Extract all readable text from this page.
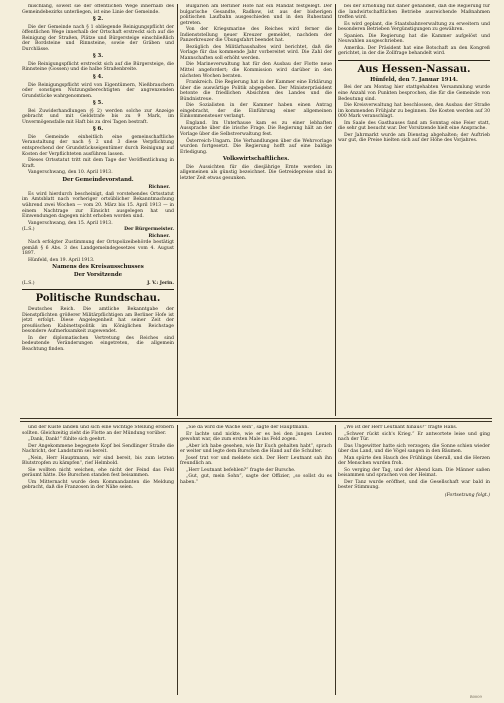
mischlang, soweit sie der öffentlichen Wege innerhalb des Gemeindebezirks unterliegen, ist eine Linie der Gemeinde.

§ 2.

Die der Gemeinde nach § 1 obliegende Reinigungspflicht der öffentlichen Wege innerhalb der Ortschaft erstreckt sich auf die Reinigung der Straßen, Plätze und Bürgersteige einschließlich der Bordsteine und Rinnsteine, sowie der Gräben und Durchlässe.

§ 3.

Die Reinigungspflicht erstreckt sich auf die Bürgersteige, die Rinnsteine (Gossen) und die halbe Straßenbreite.

§ 4.

Die Reinigungspflicht wird von Eigentümern, Nießbrauchern oder sonstigen Nutzungsberechtigten der angrenzenden Grundstücke wahrgenommen.

§ 5.

Bei Zuwiderhandlungen (§ 2) werden solche zur Anzeige gebracht und mit Geldstrafe bis zu 9 Mark, im Unvermögensfalle mit Haft bis zu drei Tagen bestraft.

§ 6.

Die Gemeinde einheitlich eine gemeinschaftliche Veranstaltung der nach § 2 und 3 diese Verpflichtung entsprechend der Grundstückseigentümer durch Reinigung auf Kosten der Verpflichteten ausführen lassen.

Dieses Ortsstatut tritt mit dem Tage der Veröffentlichung in Kraft.

Vangerschwang, den 10. April 1913.

Der Gemeindevorstand.
Richner.

Es wird hierdurch bescheinigt, daß vorstehendes Ortsstatut im Amtsblatt nach vorheriger ortsüblicher Bekanntmachung während zwei Wochen — vom 20. März bis 15. April 1913 — in einem Nachtrage zur Einsicht ausgelegen hat und Einwendungen dagegen nicht erhoben worden sind.

Vangerschwang, den 15. April 1913.

(L.S.)	Der Bürgermeister.
Richner.

Nach erfolgter Zustimmung der Ortspolizeibehörde bestätigt gemäß § 6 Abs. 3 des Landgemeindegesetzes vom 4. August 1897.

Hünfeld, den 19. April 1913.

Namens des Kreisausschusses
Der Vorsitzende
(L.S.)	J. V.: Jerin.
Politische Rundschau.

Deutsches Reich. Die amtliche Bekanntgabe der Dienstpflichten größerer Militärpflichtigen am Berliner Hofe ist jetzt erfolgt. Diese Angelegenheit hat seiner Zeit der preußischen Kabinettspolitik im Königlichen Reichstage besondere Aufmerksamkeit zugewendet.

In der diplomatischen Vertretung des Reiches sind bedeutende Veränderungen eingetreten, die allgemein Beachtung finden.

Bulgarien am Berliner Hofe hat ein Mandat festgelegt. Der bulgarische Gesandte, Radkow, ist aus der bisherigen politischen Laufbahn ausgeschieden und in den Ruhestand getreten.

Von der Kriegsmarine des Reiches wird ferner die Indienststellung neuer Kreuzer gemeldet, nachdem der Panzerkreuzer die Übungsfahrt beendet hat.

Bezüglich des Militärhaushaltes wird berichtet, daß die Vorlage für das kommende Jahr vorbereitet wird. Die Zahl der Mannschaften soll erhöht werden.

Die Marineverwaltung hat für den Ausbau der Flotte neue Mittel angefordert; die Kommission wird darüber in den nächsten Wochen beraten.

Frankreich. Die Regierung hat in der Kammer eine Erklärung über die auswärtige Politik abgegeben. Der Ministerpräsident betonte die friedlichen Absichten des Landes und die Bündnistreue.

Die Sozialisten in der Kammer haben einen Antrag eingebracht, der die Einführung einer allgemeinen Einkommensteuer verlangt.

England. Im Unterhause kam es zu einer lebhaften Aussprache über die irische Frage. Die Regierung hält an der Vorlage über die Selbstverwaltung fest.

Österreich-Ungarn. Die Verhandlungen über die Wehrvorlage wurden fortgesetzt. Die Regierung hofft auf eine baldige Erledigung.

Volkswirtschaftliches.

Die Aussichten für die diesjährige Ernte werden im allgemeinen als günstig bezeichnet. Die Getreidepreise sind in letzter Zeit etwas gesunken.

bei der Erhöhung mit daher gehandelt, daß die Regierung für die landwirtschaftlichen Betriebe ausreichende Maßnahmen treffen wird.

Es wird geplant, die Staatsbahnverwaltung zu erweitern und besonderen Betrieben Vergünstigungen zu gewähren.

Spanien. Die Regierung hat die Kammer aufgelöst und Neuwahlen ausgeschrieben.

Amerika. Der Präsident hat eine Botschaft an den Kongreß gerichtet, in der die Zollfrage behandelt wird.

Aus Hessen-Nassau.
Hünfeld, den 7. Januar 1914.

Bei der am Montag hier stattgehabten Versammlung wurde eine Anzahl von Punkten besprochen, die für die Gemeinde von Bedeutung sind.

Die Kreisverwaltung hat beschlossen, den Ausbau der Straße im kommenden Frühjahr zu beginnen. Die Kosten werden auf 30 000 Mark veranschlagt.

Im Saale des Gasthauses fand am Sonntag eine Feier statt, die sehr gut besucht war. Der Vorsitzende hielt eine Ansprache.

Der Jahrmarkt wurde am Dienstag abgehalten; der Auftrieb war gut, die Preise hielten sich auf der Höhe des Vorjahres.

und der Küste landen und sich eine wichtige Stellung erobern sollten. Gleichzeitig zieht die Flotte an der Mündung vorüber.

„Dank, Dank!“ fühlte sich geehrt.

Der Angekommene begegnete Kopf bei Sendlinger Straße die Nachricht, der Landsturm sei bereit.

„Nein, Herr Hauptmann, wir sind bereit, bis zum letzten Blutstropfen zu kämpfen“, rief Helmbold.

Sie wollten nicht weichen, ehe nicht der Feind das Feld geräumt hätte. Die Burschen standen fest beisammen.

Um Mitternacht wurde dem Kommandanten die Meldung gebracht, daß die Franzosen in der Nähe seien.

„Sie da wird die Wache sein“, sagte der Hauptmann.

Er lachte und nickte, wie er es bei den jungen Leuten gewohnt war, die zum ersten Male ins Feld zogen.

„Aber ich habe gesehen, wie Ihr Euch gehalten habt“, sprach er weiter und legte dem Burschen die Hand auf die Schulter.

Josef trat vor und meldete sich. Der Herr Leutnant sah ihn freundlich an.

„Herr Leutnant befehlen?“ fragte der Bursche.

„Gut, gut, mein Sohn“, sagte der Offizier, „so sollst du es haben.“

„Wo ist der Herr Leutnant hinaus?“ fragte Hans.

„Schwer rückt sich's Krieg.“ Er antwortete leise und ging nach der Tür.

Das Ungewitter hatte sich verzogen; die Sonne schien wieder über das Land, und die Vögel sangen in den Bäumen.

Man spürte den Hauch des Frühlings überall, und die Herzen der Menschen wurden froh.

So verging der Tag, und der Abend kam. Die Männer saßen beisammen und sprachen von der Heimat.

Der Tanz wurde eröffnet, und die Gesellschaft war bald in bester Stimmung.

(Fortsetzung folgt.)
B0009
